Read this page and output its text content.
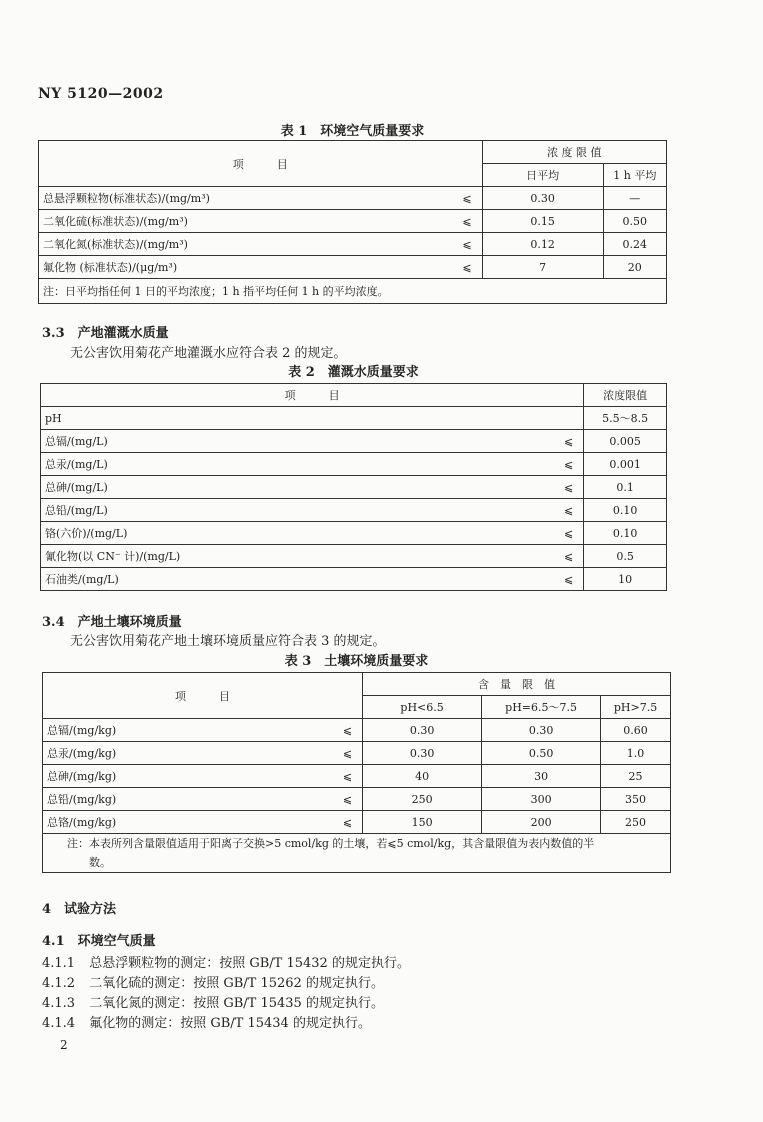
NY 5120—2002
表 1　环境空气质量要求
项　　　目		浓 度 限 值	
		日平均	1 h 平均
总悬浮颗粒物(标准状态)/(mg/m³)	⩽	0.30	—
二氧化硫(标准状态)/(mg/m³)	⩽	0.15	0.50
二氧化氮(标准状态)/(mg/m³)	⩽	0.12	0.24
氟化物 (标准状态)/(μg/m³)	⩽	7	20
注：日平均指任何 1 日的平均浓度；1 h 指平均任何 1 h 的平均浓度。			
3.3　产地灌溉水质量
无公害饮用菊花产地灌溉水应符合表 2 的规定。
表 2　灌溉水质量要求
项　　　目		浓度限值
pH		5.5～8.5
总镉/(mg/L)	⩽	0.005
总汞/(mg/L)	⩽	0.001
总砷/(mg/L)	⩽	0.1
总铅/(mg/L)	⩽	0.10
铬(六价)/(mg/L)	⩽	0.10
氰化物(以 CN⁻ 计)/(mg/L)	⩽	0.5
石油类/(mg/L)	⩽	10
3.4　产地土壤环境质量
无公害饮用菊花产地土壤环境质量应符合表 3 的规定。
表 3　土壤环境质量要求
项　　　目		含　量　限　值		
		pH<6.5	pH=6.5～7.5	pH>7.5
总镉/(mg/kg)	⩽	0.30	0.30	0.60
总汞/(mg/kg)	⩽	0.30	0.50	1.0
总砷/(mg/kg)	⩽	40	30	25
总铅/(mg/kg)	⩽	250	300	350
总铬/(mg/kg)	⩽	150	200	250

注：本表所列含量限值适用于阳离子交换>5 cmol/kg 的土壤，若⩽5 cmol/kg，其含量限值为表内数值的半
数。				
4　试验方法
4.1　环境空气质量
4.1.1 总悬浮颗粒物的测定：按照 GB/T 15432 的规定执行。
4.1.2 二氧化硫的测定：按照 GB/T 15262 的规定执行。
4.1.3 二氧化氮的测定：按照 GB/T 15435 的规定执行。
4.1.4 氟化物的测定：按照 GB/T 15434 的规定执行。
2
